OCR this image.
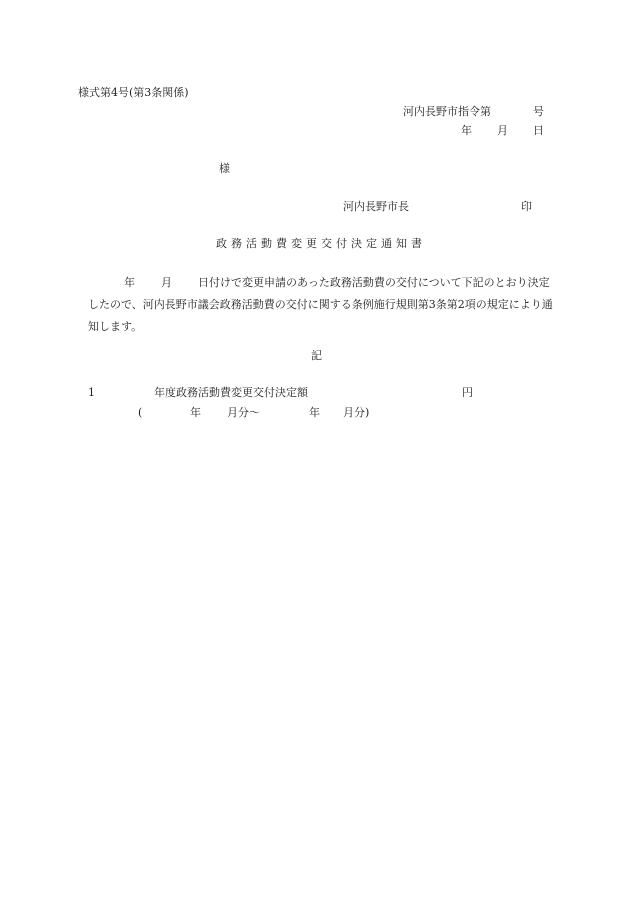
様式第4号(第3条関係)
河内長野市指令第	号
年 月 日
様
河内長野市長	印
政務活動費変更交付決定通知書
年 月 日付けで変更申請のあった政務活動費の交付について下記のとおり決定したので、河内長野市議会政務活動費の交付に関する条例施行規則第3条第2項の規定により通知します。
記
1	年度政務活動費変更交付決定額	円
(	年 月分〜	年 月分)
